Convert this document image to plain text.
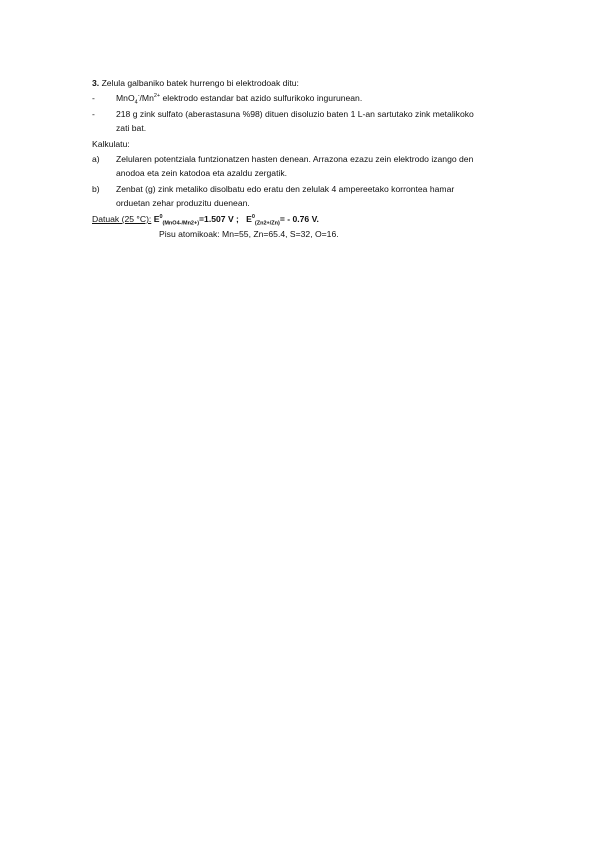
3. Zelula galbaniko batek hurrengo bi elektrodoak ditu:
- $MnO_4^-/Mn^{2+}$ elektrodo estandar bat azido sulfurikoko ingurunean.
- 218 g zink sulfato (aberastasuna %98) dituen disoluzio baten 1 L-an sartutako zink metalikoko
zati bat.
Kalkulatu:
a) Zelularen potentziala funtzionatzen hasten denean. Arrazona ezazu zein elektrodo izango den
anodoa eta zein katodoa eta azaldu zergatik.
b) Zenbat (g) zink metaliko disolbatu edo eratu den zelulak 4 ampereetako korrontea hamar
orduetan zehar produzitu duenean.
Datuak (25 °C): $E^0_{(MnO4-/Mn2+)}=1.507$ V ; $E^0_{(Zn2+/Zn)}= - 0.76$ V.
Pisu atomikoak: Mn=55, Zn=65.4, S=32, O=16.
